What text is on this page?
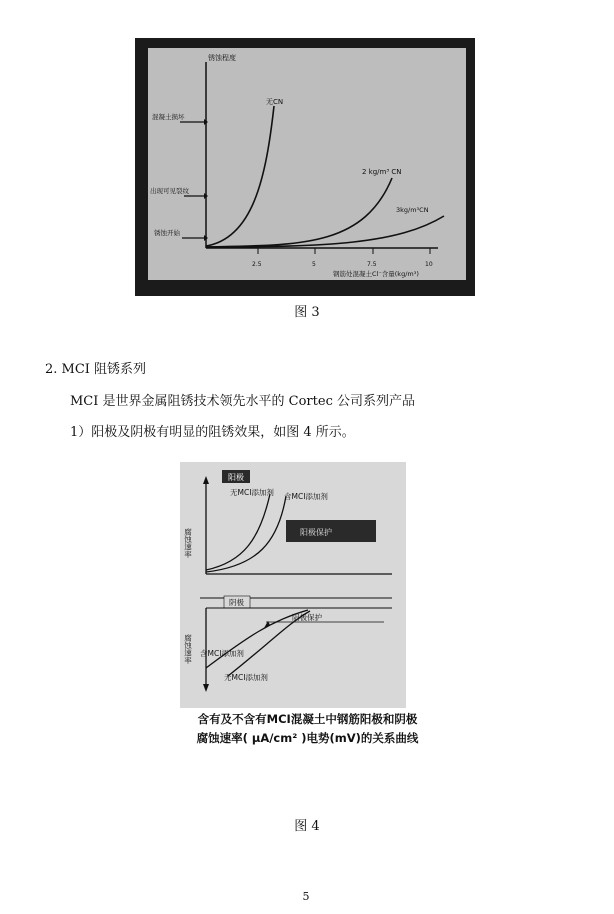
锈蚀程度
混凝土损坏
出现可见裂纹
锈蚀开始
无CN
2 kg/m³ CN
3kg/m³CN
2.5	5	7.5	10
钢筋处混凝土Cl⁻含量(kg/m³)
图 3
2. MCI 阻锈系列
MCI 是世界金属阻锈技术领先水平的 Cortec 公司系列产品
1）阳极及阴极有明显的阻锈效果，如图 4 所示。
阳极
无MCI添加剂 含MCI添加剂
阳极保护
腐蚀速率
阴极
阴极保护
含MCI添加剂
无MCI添加剂
腐蚀速率
含有及不含有MCI混凝土中钢筋阳极和阴极
腐蚀速率( μA/cm² )电势(mV)的关系曲线
图 4
5
